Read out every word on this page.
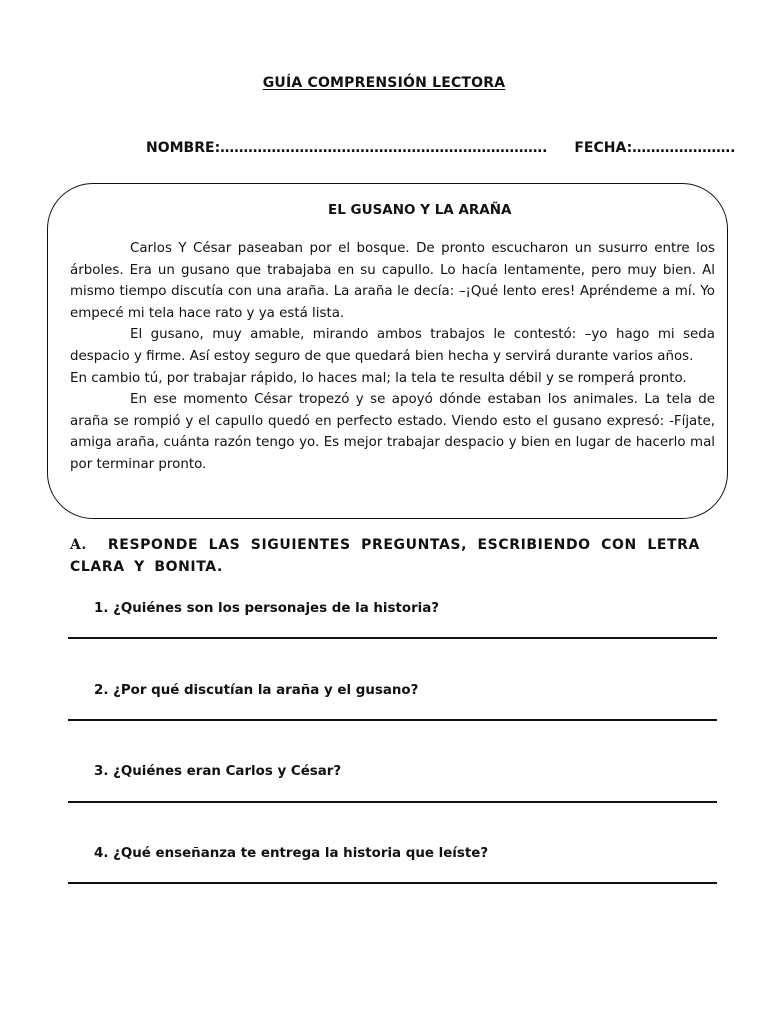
GUÍA COMPRENSIÓN LECTORA
NOMBRE:……………………………………………………………. FECHA:………………….
EL GUSANO Y LA ARAÑA

Carlos Y César paseaban por el bosque. De pronto escucharon un susurro entre los árboles. Era un gusano que trabajaba en su capullo. Lo hacía lentamente, pero muy bien. Al mismo tiempo discutía con una araña. La araña le decía: –¡Qué lento eres! Apréndeme a mí. Yo empecé mi tela hace rato y ya está lista.

El gusano, muy amable, mirando ambos trabajos le contestó: –yo hago mi seda despacio y firme. Así estoy seguro de que quedará bien hecha y servirá durante varios años.

En cambio tú, por trabajar rápido, lo haces mal; la tela te resulta débil y se romperá pronto.

En ese momento César tropezó y se apoyó dónde estaban los animales. La tela de araña se rompió y el capullo quedó en perfecto estado. Viendo esto el gusano expresó: -Fíjate, amiga araña, cuánta razón tengo yo. Es mejor trabajar despacio y bien en lugar de hacerlo mal por terminar pronto.

A. RESPONDE LAS SIGUIENTES PREGUNTAS, ESCRIBIENDO CON LETRA CLARA Y BONITA.
1. ¿Quiénes son los personajes de la historia?
2. ¿Por qué discutían la araña y el gusano?
3. ¿Quiénes eran Carlos y César?
4. ¿Qué enseñanza te entrega la historia que leíste?
